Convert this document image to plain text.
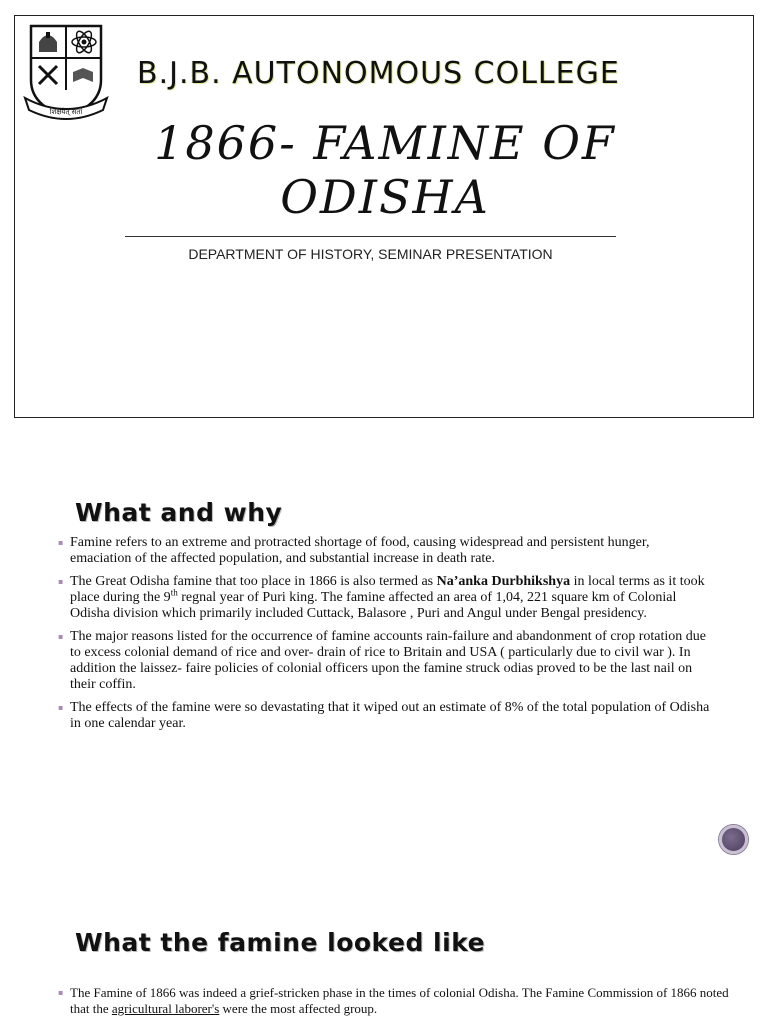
शिक्षयेत् सतां
B.J.B. AUTONOMOUS COLLEGE
1866- FAMINE OF
ODISHA
DEPARTMENT OF HISTORY, SEMINAR PRESENTATION
What and why
▪ Famine refers to an extreme and protracted shortage of food, causing widespread and persistent hunger, emaciation of the affected population, and substantial increase in death rate.
▪ The Great Odisha famine that too place in 1866 is also termed as Na’anka Durbhikshya in local terms as it took place during the 9th regnal year of Puri king. The famine affected an area of 1,04, 221 square km of Colonial Odisha division which primarily included Cuttack, Balasore , Puri and Angul under Bengal presidency.
▪ The major reasons listed for the occurrence of famine accounts rain-failure and abandonment of crop rotation due to excess colonial demand of rice and over- drain of rice to Britain and USA ( particularly due to civil war ). In addition the laissez- faire policies of colonial officers upon the famine struck odias proved to be the last nail on their coffin.
▪ The effects of the famine were so devastating that it wiped out an estimate of 8% of the total population of Odisha in one calendar year.
What the famine looked like
▪ The Famine of 1866 was indeed a grief-stricken phase in the times of colonial Odisha. The Famine Commission of 1866 noted that the agricultural laborer's were the most affected group.
